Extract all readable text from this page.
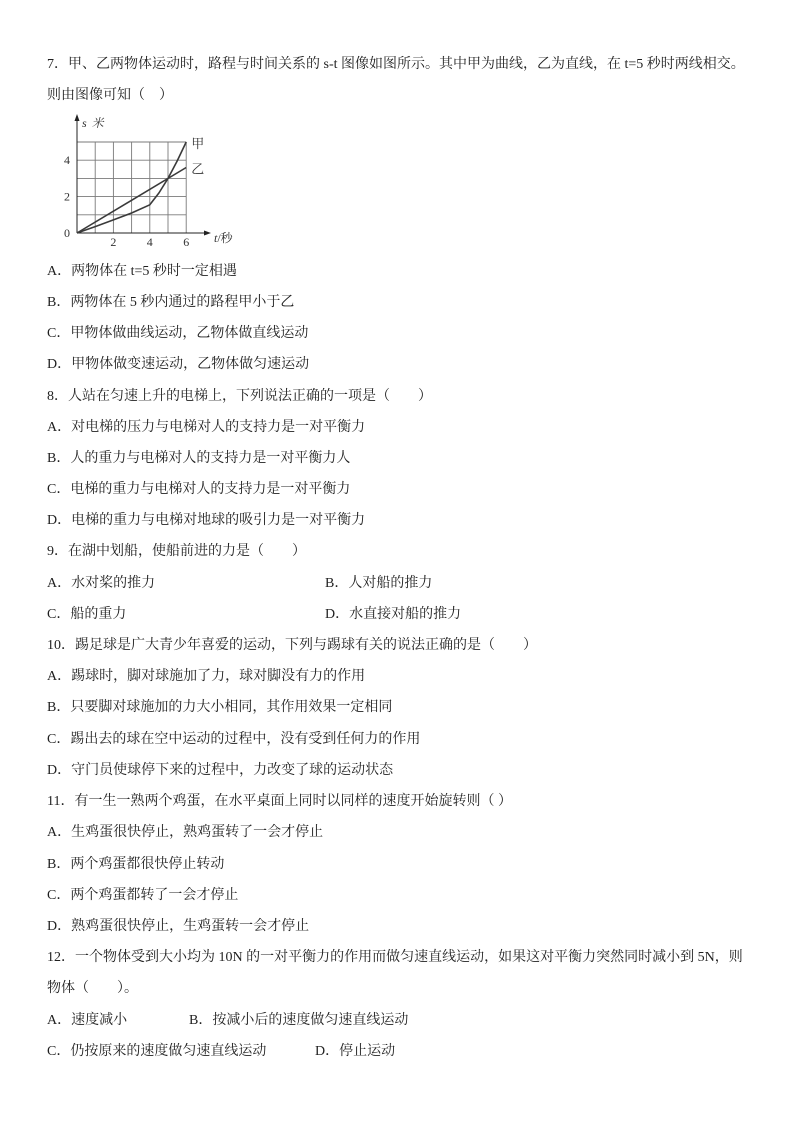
7．甲、乙两物体运动时，路程与时间关系的 s-t 图像如图所示。其中甲为曲线，乙为直线，在 t=5 秒时两线相交。
则由图像可知（　）
甲
乙
2	4	6
0
2
4
s 米
t/秒
A．两物体在 t=5 秒时一定相遇
B．两物体在 5 秒内通过的路程甲小于乙
C．甲物体做曲线运动，乙物体做直线运动
D．甲物体做变速运动，乙物体做匀速运动
8．人站在匀速上升的电梯上，下列说法正确的一项是（　　）
A．对电梯的压力与电梯对人的支持力是一对平衡力
B．人的重力与电梯对人的支持力是一对平衡力人
C．电梯的重力与电梯对人的支持力是一对平衡力
D．电梯的重力与电梯对地球的吸引力是一对平衡力
9．在湖中划船，使船前进的力是（　　）
A．水对桨的推力	B．人对船的推力
C．船的重力	D．水直接对船的推力
10．踢足球是广大青少年喜爱的运动，下列与踢球有关的说法正确的是（　　）
A．踢球时，脚对球施加了力，球对脚没有力的作用
B．只要脚对球施加的力大小相同，其作用效果一定相同
C．踢出去的球在空中运动的过程中，没有受到任何力的作用
D．守门员使球停下来的过程中，力改变了球的运动状态
11．有一生一熟两个鸡蛋，在水平桌面上同时以同样的速度开始旋转则（ ）
A．生鸡蛋很快停止，熟鸡蛋转了一会才停止
B．两个鸡蛋都很快停止转动
C．两个鸡蛋都转了一会才停止
D．熟鸡蛋很快停止，生鸡蛋转一会才停止
12．一个物体受到大小均为 10N 的一对平衡力的作用而做匀速直线运动，如果这对平衡力突然同时减小到 5N，则
物体（　　）。
A．速度减小	B．按减小后的速度做匀速直线运动
C．仍按原来的速度做匀速直线运动	D．停止运动
